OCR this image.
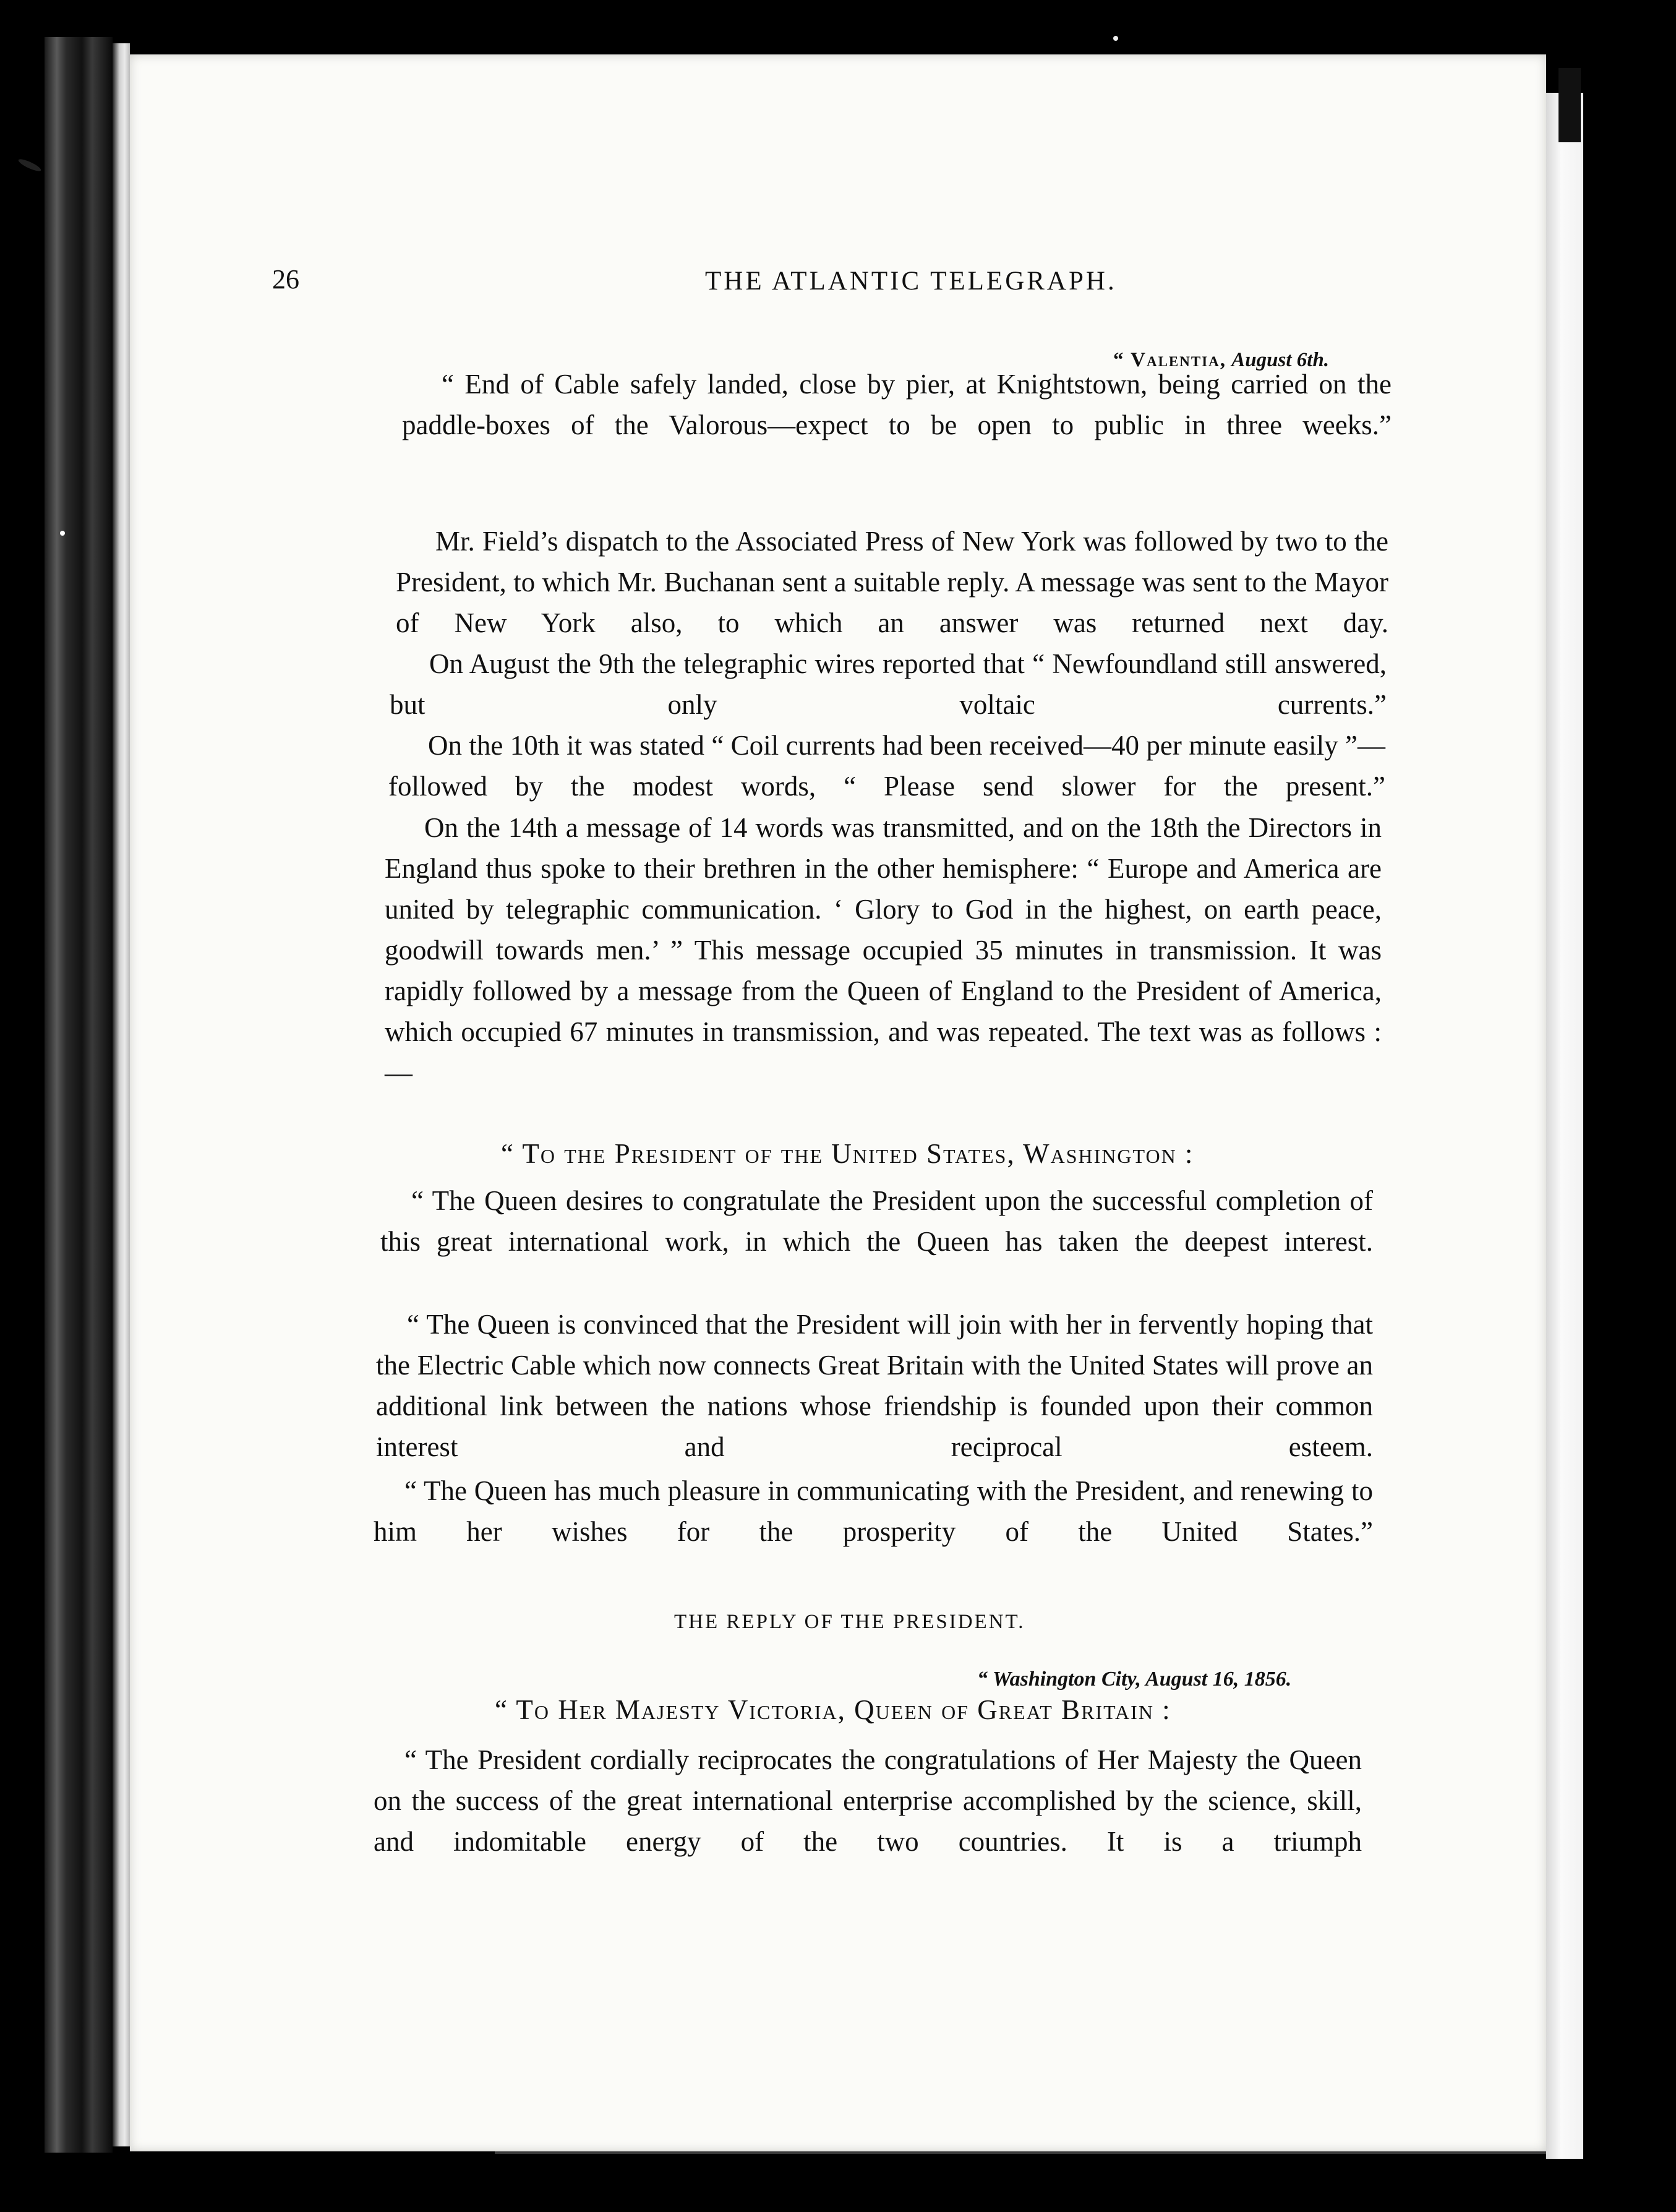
26	THE ATLANTIC TELEGRAPH.
“ Valentia, August 6th.
“ End of Cable safely landed, close by pier, at Knightstown, being carried on the paddle-boxes of the Valorous—expect to be open to public in three weeks.”
Mr. Field’s dispatch to the Associated Press of New York was followed by two to the President, to which Mr. Buchanan sent a suitable reply. A message was sent to the Mayor of New York also, to which an answer was returned next day.
On August the 9th the telegraphic wires reported that “ Newfoundland still answered, but only voltaic currents.”
On the 10th it was stated “ Coil currents had been received—40 per minute easily ”—followed by the modest words, “ Please send slower for the present.”
On the 14th a message of 14 words was transmitted, and on the 18th the Directors in England thus spoke to their brethren in the other hemisphere: “ Europe and America are united by telegraphic communication. ‘ Glory to God in the highest, on earth peace, goodwill towards men.’ ” This message occupied 35 minutes in transmission. It was rapidly followed by a message from the Queen of England to the President of America, which occupied 67 minutes in transmission, and was repeated. The text was as follows :—
“ To the President of the United States, Washington :
“ The Queen desires to congratulate the President upon the successful completion of this great international work, in which the Queen has taken the deepest interest.
“ The Queen is convinced that the President will join with her in fervently hoping that the Electric Cable which now connects Great Britain with the United States will prove an additional link between the nations whose friendship is founded upon their common interest and reciprocal esteem.
“ The Queen has much pleasure in communicating with the President, and renewing to him her wishes for the prosperity of the United States.”
THE REPLY OF THE PRESIDENT.
“ Washington City, August 16, 1856.
“ To Her Majesty Victoria, Queen of Great Britain :
“ The President cordially reciprocates the congratulations of Her Majesty the Queen on the success of the great international enterprise accomplished by the science, skill, and indomitable energy of the two countries. It is a triumph
